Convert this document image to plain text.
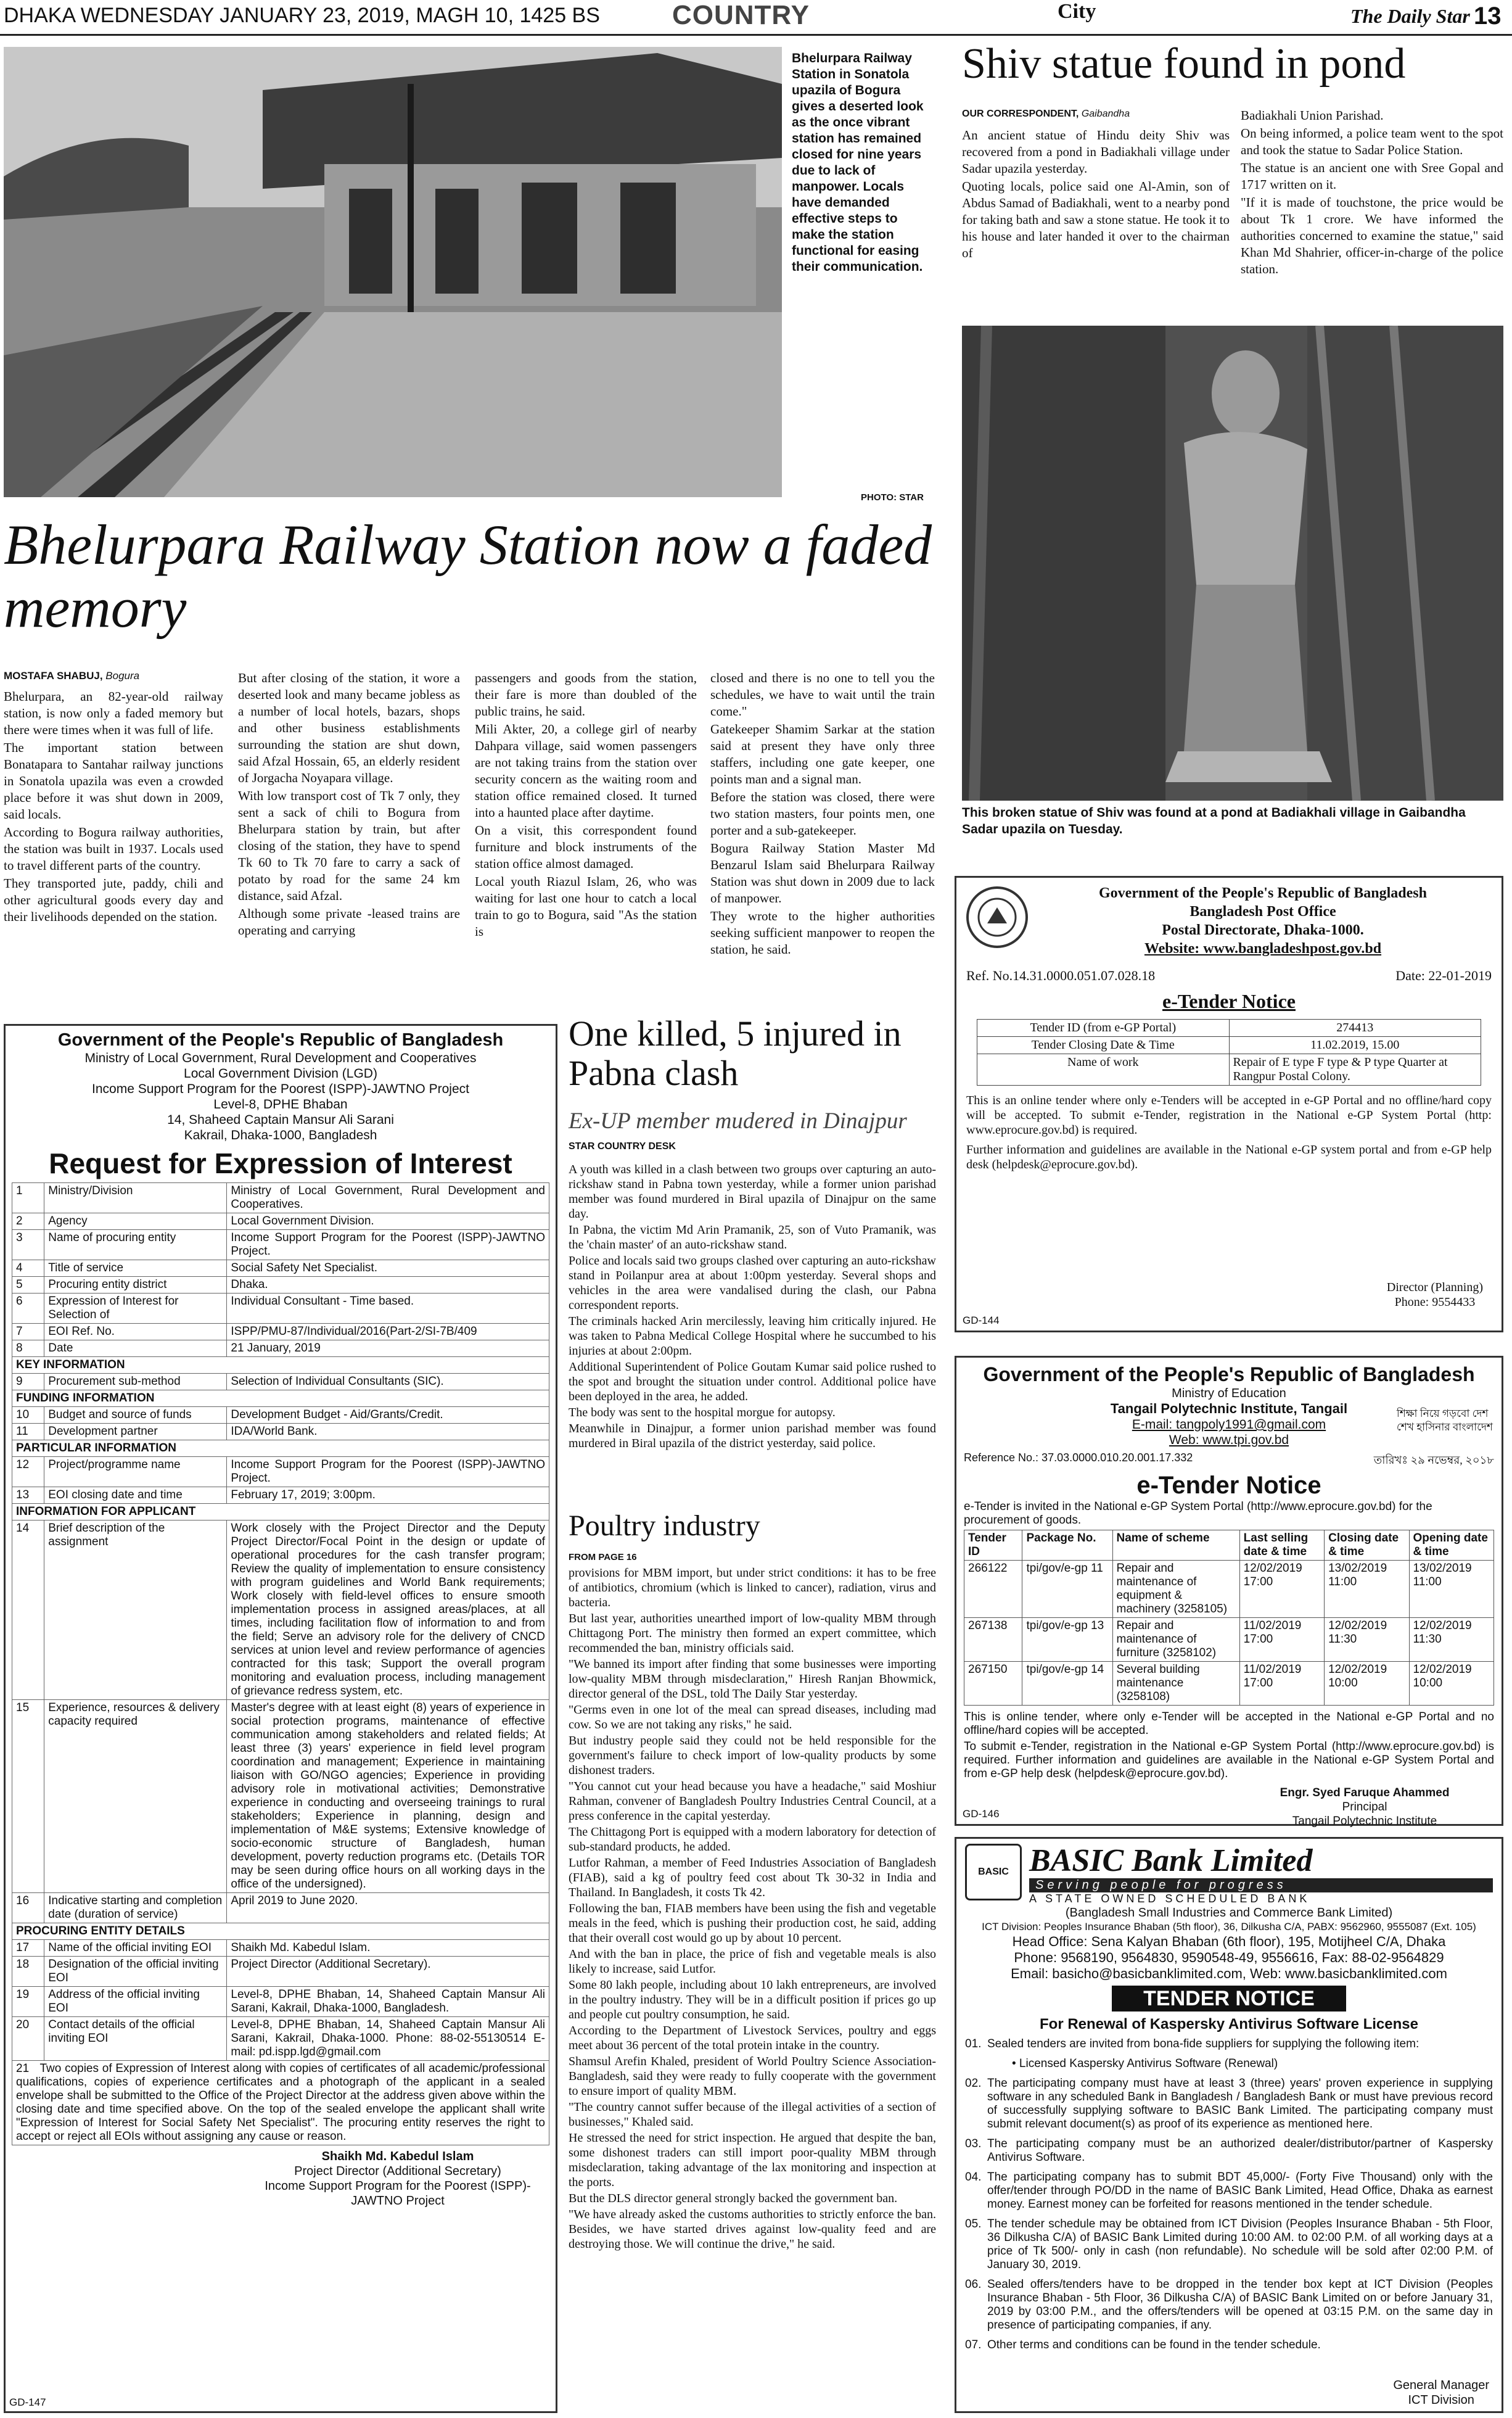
DHAKA WEDNESDAY JANUARY 23, 2019, MAGH 10, 1425 BS	COUNTRY	City	The Daily Star 13
Bhelurpara Railway Station in Sonatola upazila of Bogura gives a deserted look as the once vibrant station has remained closed for nine years due to lack of manpower. Locals have demanded effective steps to make the station functional for easing their communication.
PHOTO: STAR
Bhelurpara Railway Station now a faded memory
MOSTAFA SHABUJ, Bogura

Bhelurpara, an 82-year-old railway station, is now only a faded memory but there were times when it was full of life.

The important station between Bonatapara to Santahar railway junctions in Sonatola upazila was even a crowded place before it was shut down in 2009, said locals.

According to Bogura railway authorities, the station was built in 1937. Locals used to travel different parts of the country.

They transported jute, paddy, chili and other agricultural goods every day and their livelihoods depended on the station.

But after closing of the station, it wore a deserted look and many became jobless as a number of local hotels, bazars, shops and other business establishments surrounding the station are shut down, said Afzal Hossain, 65, an elderly resident of Jorgacha Noyapara village.

With low transport cost of Tk 7 only, they sent a sack of chili to Bogura from Bhelurpara station by train, but after closing of the station, they have to spend Tk 60 to Tk 70 fare to carry a sack of potato by road for the same 24 km distance, said Afzal.

Although some private -leased trains are operating and carrying

passengers and goods from the station, their fare is more than doubled of the public trains, he said.

Mili Akter, 20, a college girl of nearby Dahpara village, said women passengers are not taking trains from the station over security concern as the waiting room and station office remained closed. It turned into a haunted place after daytime.

On a visit, this correspondent found furniture and block instruments of the station office almost damaged.

Local youth Riazul Islam, 26, who was waiting for last one hour to catch a local train to go to Bogura, said "As the station is

closed and there is no one to tell you the schedules, we have to wait until the train come."

Gatekeeper Shamim Sarkar at the station said at present they have only three staffers, including one gate keeper, one points man and a signal man.

Before the station was closed, there were two station masters, four points men, one porter and a sub-gatekeeper.

Bogura Railway Station Master Md Benzarul Islam said Bhelurpara Railway Station was shut down in 2009 due to lack of manpower.

They wrote to the higher authorities seeking sufficient manpower to reopen the station, he said.

Shiv statue found in pond
OUR CORRESPONDENT, Gaibandha

An ancient statue of Hindu deity Shiv was recovered from a pond in Badiakhali village under Sadar upazila yesterday.

Quoting locals, police said one Al-Amin, son of Abdus Samad of Badiakhali, went to a nearby pond for taking bath and saw a stone statue. He took it to his house and later handed it over to the chairman of

Badiakhali Union Parishad.

On being informed, a police team went to the spot and took the statue to Sadar Police Station.

The statue is an ancient one with Sree Gopal and 1717 written on it.

"If it is made of touchstone, the price would be about Tk 1 crore. We have informed the authorities concerned to examine the statue," said Khan Md Shahrier, officer-in-charge of the police station.

This broken statue of Shiv was found at a pond at Badiakhali village in Gaibandha Sadar upazila on Tuesday.
Government of the People's Republic of Bangladesh
Ministry of Local Government, Rural Development and Cooperatives
Local Government Division (LGD)
Income Support Program for the Poorest (ISPP)-JAWTNO Project
Level-8, DPHE Bhaban
14, Shaheed Captain Mansur Ali Sarani
Kakrail, Dhaka-1000, Bangladesh
Request for Expression of Interest
1	Ministry/Division	Ministry of Local Government, Rural Development and Cooperatives.
2	Agency	Local Government Division.
3	Name of procuring entity	Income Support Program for the Poorest (ISPP)-JAWTNO Project.
4	Title of service	Social Safety Net Specialist.
5	Procuring entity district	Dhaka.
6	Expression of Interest for Selection of	Individual Consultant - Time based.
7	EOI Ref. No.	ISPP/PMU-87/Individual/2016(Part-2/SI-7B/409
8	Date	21 January, 2019
KEY INFORMATION		
9	Procurement sub-method	Selection of Individual Consultants (SIC).
FUNDING INFORMATION		
10	Budget and source of funds	Development Budget - Aid/Grants/Credit.
11	Development partner	IDA/World Bank.
PARTICULAR INFORMATION		
12	Project/programme name	Income Support Program for the Poorest (ISPP)-JAWTNO Project.
13	EOI closing date and time	February 17, 2019; 3:00pm.
INFORMATION FOR APPLICANT		
14	Brief description of the assignment	Work closely with the Project Director and the Deputy Project Director/Focal Point in the design or update of operational procedures for the cash transfer program; Review the quality of implementation to ensure consistency with program guidelines and World Bank requirements; Work closely with field-level offices to ensure smooth implementation process in assigned areas/places, at all times, including facilitation flow of information to and from the field; Serve an advisory role for the delivery of CNCD services at union level and review performance of agencies contracted for this task; Support the overall program monitoring and evaluation process, including management of grievance redress system, etc.
15	Experience, resources & delivery capacity required	Master's degree with at least eight (8) years of experience in social protection programs, maintenance of effective communication among stakeholders and related fields; At least three (3) years' experience in field level program coordination and management; Experience in maintaining liaison with GO/NGO agencies; Experience in providing advisory role in motivational activities; Demonstrative experience in conducting and overseeing trainings to rural stakeholders; Experience in planning, design and implementation of M&E systems; Extensive knowledge of socio-economic structure of Bangladesh, human development, poverty reduction programs etc. (Details TOR may be seen during office hours on all working days in the office of the undersigned).
16	Indicative starting and completion date (duration of service)	April 2019 to June 2020.
PROCURING ENTITY DETAILS		
17	Name of the official inviting EOI	Shaikh Md. Kabedul Islam.
18	Designation of the official inviting EOI	Project Director (Additional Secretary).
19	Address of the official inviting EOI	Level-8, DPHE Bhaban, 14, Shaheed Captain Mansur Ali Sarani, Kakrail, Dhaka-1000, Bangladesh.
20	Contact details of the official inviting EOI	Level-8, DPHE Bhaban, 14, Shaheed Captain Mansur Ali Sarani, Kakrail, Dhaka-1000. Phone: 88-02-55130514 E-mail: pd.ispp.lgd@gmail.com
21 Two copies of Expression of Interest along with copies of certificates of all academic/professional qualifications, copies of experience certificates and a photograph of the applicant in a sealed envelope shall be submitted to the Office of the Project Director at the address given above within the closing date and time specified above. On the top of the sealed envelope the applicant shall write "Expression of Interest for Social Safety Net Specialist". The procuring entity reserves the right to accept or reject all EOIs without assigning any cause or reason.
Shaikh Md. Kabedul Islam
Project Director (Additional Secretary)
Income Support Program for the Poorest (ISPP)-JAWTNO Project
GD-147
One killed, 5 injured in Pabna clash
Ex-UP member mudered in Dinajpur
STAR COUNTRY DESK

A youth was killed in a clash between two groups over capturing an auto-rickshaw stand in Pabna town yesterday, while a former union parishad member was found murdered in Biral upazila of Dinajpur on the same day.

In Pabna, the victim Md Arin Pramanik, 25, son of Vuto Pramanik, was the 'chain master' of an auto-rickshaw stand.

Police and locals said two groups clashed over capturing an auto-rickshaw stand in Poilanpur area at about 1:00pm yesterday. Several shops and vehicles in the area were vandalised during the clash, our Pabna correspondent reports.

The criminals hacked Arin mercilessly, leaving him critically injured. He was taken to Pabna Medical College Hospital where he succumbed to his injuries at about 2:00pm.

Additional Superintendent of Police Goutam Kumar said police rushed to the spot and brought the situation under control. Additional police have been deployed in the area, he added.

The body was sent to the hospital morgue for autopsy.

Meanwhile in Dinajpur, a former union parishad member was found murdered in Biral upazila of the district yesterday, said police.

Poultry industry
FROM PAGE 16

provisions for MBM import, but under strict conditions: it has to be free of antibiotics, chromium (which is linked to cancer), radiation, virus and bacteria.

But last year, authorities unearthed import of low-quality MBM through Chittagong Port. The ministry then formed an expert committee, which recommended the ban, ministry officials said.

"We banned its import after finding that some businesses were importing low-quality MBM through misdeclaration," Hiresh Ranjan Bhowmick, director general of the DSL, told The Daily Star yesterday.

"Germs even in one lot of the meal can spread diseases, including mad cow. So we are not taking any risks," he said.

But industry people said they could not be held responsible for the government's failure to check import of low-quality products by some dishonest traders.

"You cannot cut your head because you have a headache," said Moshiur Rahman, convener of Bangladesh Poultry Industries Central Council, at a press conference in the capital yesterday.

The Chittagong Port is equipped with a modern laboratory for detection of sub-standard products, he added.

Lutfor Rahman, a member of Feed Industries Association of Bangladesh (FIAB), said a kg of poultry feed cost about Tk 30-32 in India and Thailand. In Bangladesh, it costs Tk 42.

Following the ban, FIAB members have been using the fish and vegetable meals in the feed, which is pushing their production cost, he said, adding that their overall cost would go up by about 10 percent.

And with the ban in place, the price of fish and vegetable meals is also likely to increase, said Lutfor.

Some 80 lakh people, including about 10 lakh entrepreneurs, are involved in the poultry industry. They will be in a difficult position if prices go up and people cut poultry consumption, he said.

According to the Department of Livestock Services, poultry and eggs meet about 36 percent of the total protein intake in the country.

Shamsul Arefin Khaled, president of World Poultry Science Association-Bangladesh, said they were ready to fully cooperate with the government to ensure import of quality MBM.

"The country cannot suffer because of the illegal activities of a section of businesses," Khaled said.

He stressed the need for strict inspection. He argued that despite the ban, some dishonest traders can still import poor-quality MBM through misdeclaration, taking advantage of the lax monitoring and inspection at the ports.

But the DLS director general strongly backed the government ban.

"We have already asked the customs authorities to strictly enforce the ban. Besides, we have started drives against low-quality feed and are destroying those. We will continue the drive," he said.

Government of the People's Republic of Bangladesh
Bangladesh Post Office
Postal Directorate, Dhaka-1000.
Website: www.bangladeshpost.gov.bd
Ref. No.14.31.0000.051.07.028.18	Date: 22-01-2019
e-Tender Notice
Tender ID (from e-GP Portal)	274413
Tender Closing Date & Time	11.02.2019, 15.00
Name of work	Repair of E type F type & P type Quarter at Rangpur Postal Colony.
This is an online tender where only e-Tenders will be accepted in e-GP Portal and no offline/hard copy will be accepted. To submit e-Tender, registration in the National e-GP System Portal (http: www.eprocure.gov.bd) is required.
Further information and guidelines are available in the National e-GP system portal and from e-GP help desk (helpdesk@eprocure.gov.bd).
Director (Planning)
Phone: 9554433
GD-144
Government of the People's Republic of Bangladesh
Ministry of Education
Tangail Polytechnic Institute, Tangail
E-mail: tangpoly1991@gmail.com
Web: www.tpi.gov.bd
শিক্ষা নিয়ে গড়বো দেশ
শেখ হাসিনার বাংলাদেশ
Reference No.: 37.03.0000.010.20.001.17.332	তারিখঃ ২৯ নভেম্বর, ২০১৮
e-Tender Notice
e-Tender is invited in the National e-GP System Portal (http://www.eprocure.gov.bd) for the procurement of goods.
Tender ID	Package No.	Name of scheme	Last selling date & time	Closing date & time	Opening date & time
266122	tpi/gov/e-gp 11	Repair and maintenance of equipment & machinery (3258105)	12/02/2019 17:00	13/02/2019 11:00	13/02/2019 11:00
267138	tpi/gov/e-gp 13	Repair and maintenance of furniture (3258102)	11/02/2019 17:00	12/02/2019 11:30	12/02/2019 11:30
267150	tpi/gov/e-gp 14	Several building maintenance (3258108)	11/02/2019 17:00	12/02/2019 10:00	12/02/2019 10:00
This is online tender, where only e-Tender will be accepted in the National e-GP Portal and no offline/hard copies will be accepted.
To submit e-Tender, registration in the National e-GP System Portal (http://www.eprocure.gov.bd) is required. Further information and guidelines are available in the National e-GP System Portal and from e-GP help desk (helpdesk@eprocure.gov.bd).
Engr. Syed Faruque Ahammed
Principal
Tangail Polytechnic Institute
GD-146
BASIC BASIC Bank Limited
Serving people for progress
A STATE OWNED SCHEDULED BANK
(Bangladesh Small Industries and Commerce Bank Limited)
ICT Division: Peoples Insurance Bhaban (5th floor), 36, Dilkusha C/A, PABX: 9562960, 9555087 (Ext. 105)
Head Office: Sena Kalyan Bhaban (6th floor), 195, Motijheel C/A, Dhaka
Phone: 9568190, 9564830, 9590548-49, 9556616, Fax: 88-02-9564829
Email: basicho@basicbanklimited.com, Web: www.basicbanklimited.com
TENDER NOTICE
For Renewal of Kaspersky Antivirus Software License

01. Sealed tenders are invited from bona-fide suppliers for supplying the following item:

• Licensed Kaspersky Antivirus Software (Renewal)

02. The participating company must have at least 3 (three) years' proven experience in supplying software in any scheduled Bank in Bangladesh / Bangladesh Bank or must have previous record of successfully supplying software to BASIC Bank Limited. The participating company must submit relevant document(s) as proof of its experience as mentioned here.

03. The participating company must be an authorized dealer/distributor/partner of Kaspersky Antivirus Software.

04. The participating company has to submit BDT 45,000/- (Forty Five Thousand) only with the offer/tender through PO/DD in the name of BASIC Bank Limited, Head Office, Dhaka as earnest money. Earnest money can be forfeited for reasons mentioned in the tender schedule.

05. The tender schedule may be obtained from ICT Division (Peoples Insurance Bhaban - 5th Floor, 36 Dilkusha C/A) of BASIC Bank Limited during 10:00 AM. to 02:00 P.M. of all working days at a price of Tk 500/- only in cash (non refundable). No schedule will be sold after 02:00 P.M. of January 30, 2019.

06. Sealed offers/tenders have to be dropped in the tender box kept at ICT Division (Peoples Insurance Bhaban - 5th Floor, 36 Dilkusha C/A) of BASIC Bank Limited on or before January 31, 2019 by 03:00 P.M., and the offers/tenders will be opened at 03:15 P.M. on the same day in presence of participating companies, if any.

07. Other terms and conditions can be found in the tender schedule.

General Manager
ICT Division
